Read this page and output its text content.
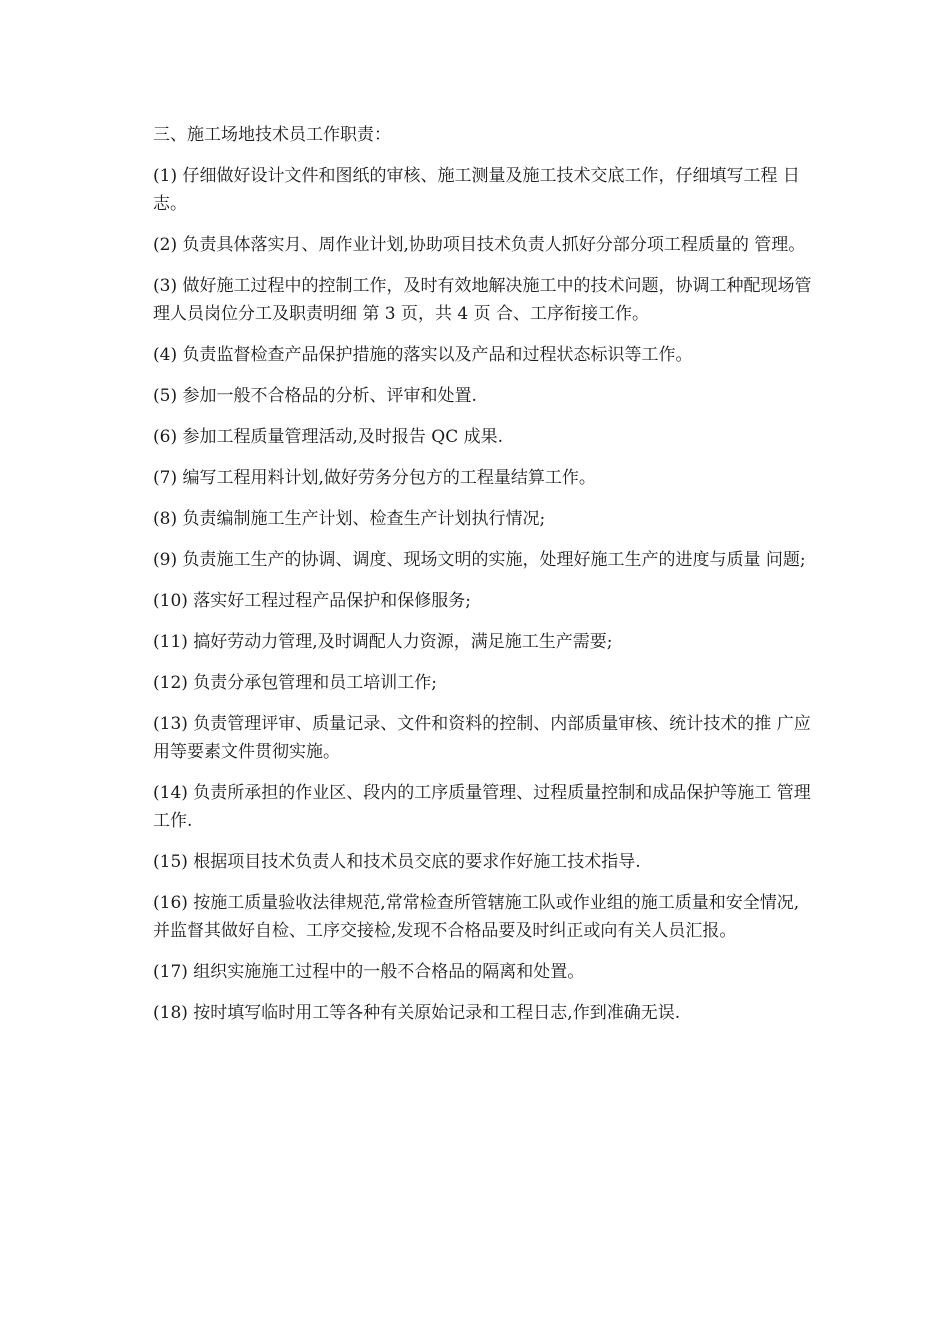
三、施工场地技术员工作职责：

(1) 仔细做好设计文件和图纸的审核、施工测量及施工技术交底工作，仔细填写工程 日志。

(2) 负责具体落实月、周作业计划,协助项目技术负责人抓好分部分项工程质量的 管理。

(3) 做好施工过程中的控制工作，及时有效地解决施工中的技术问题，协调工种配现场管理人员岗位分工及职责明细 第 3 页，共 4 页 合、工序衔接工作。

(4) 负责监督检查产品保护措施的落实以及产品和过程状态标识等工作。

(5) 参加一般不合格品的分析、评审和处置.

(6) 参加工程质量管理活动,及时报告 QC 成果.

(7) 编写工程用料计划,做好劳务分包方的工程量结算工作。

(8) 负责编制施工生产计划、检查生产计划执行情况;

(9) 负责施工生产的协调、调度、现场文明的实施，处理好施工生产的进度与质量 问题;

(10) 落实好工程过程产品保护和保修服务;

(11) 搞好劳动力管理,及时调配人力资源，满足施工生产需要;

(12) 负责分承包管理和员工培训工作;

(13) 负责管理评审、质量记录、文件和资料的控制、内部质量审核、统计技术的推 广应用等要素文件贯彻实施。

(14) 负责所承担的作业区、段内的工序质量管理、过程质量控制和成品保护等施工 管理工作.

(15) 根据项目技术负责人和技术员交底的要求作好施工技术指导.

(16) 按施工质量验收法律规范,常常检查所管辖施工队或作业组的施工质量和安全情况, 并监督其做好自检、工序交接检,发现不合格品要及时纠正或向有关人员汇报。

(17) 组织实施施工过程中的一般不合格品的隔离和处置。

(18) 按时填写临时用工等各种有关原始记录和工程日志,作到准确无误.
